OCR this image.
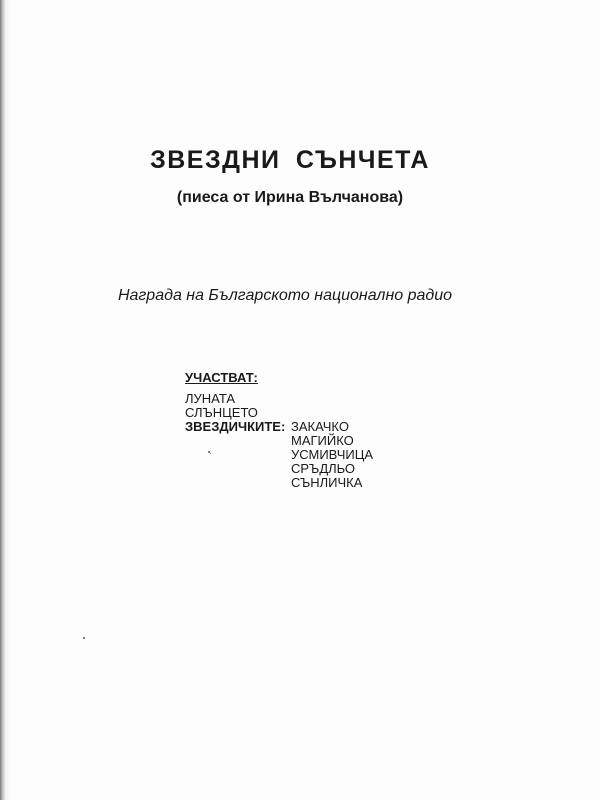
ЗВЕЗДНИ СЪНЧЕТА
(пиеса от Ирина Вълчанова)
Награда на Българското национално радио
УЧАСТВАТ:
ЛУНАТА
СЛЪНЦЕТО
ЗВЕЗДИЧКИТЕ: ЗАКАЧКО
МАГИЙКО
УСМИВЧИЦА
СРЪДЛЬО
СЪНЛИЧКА
